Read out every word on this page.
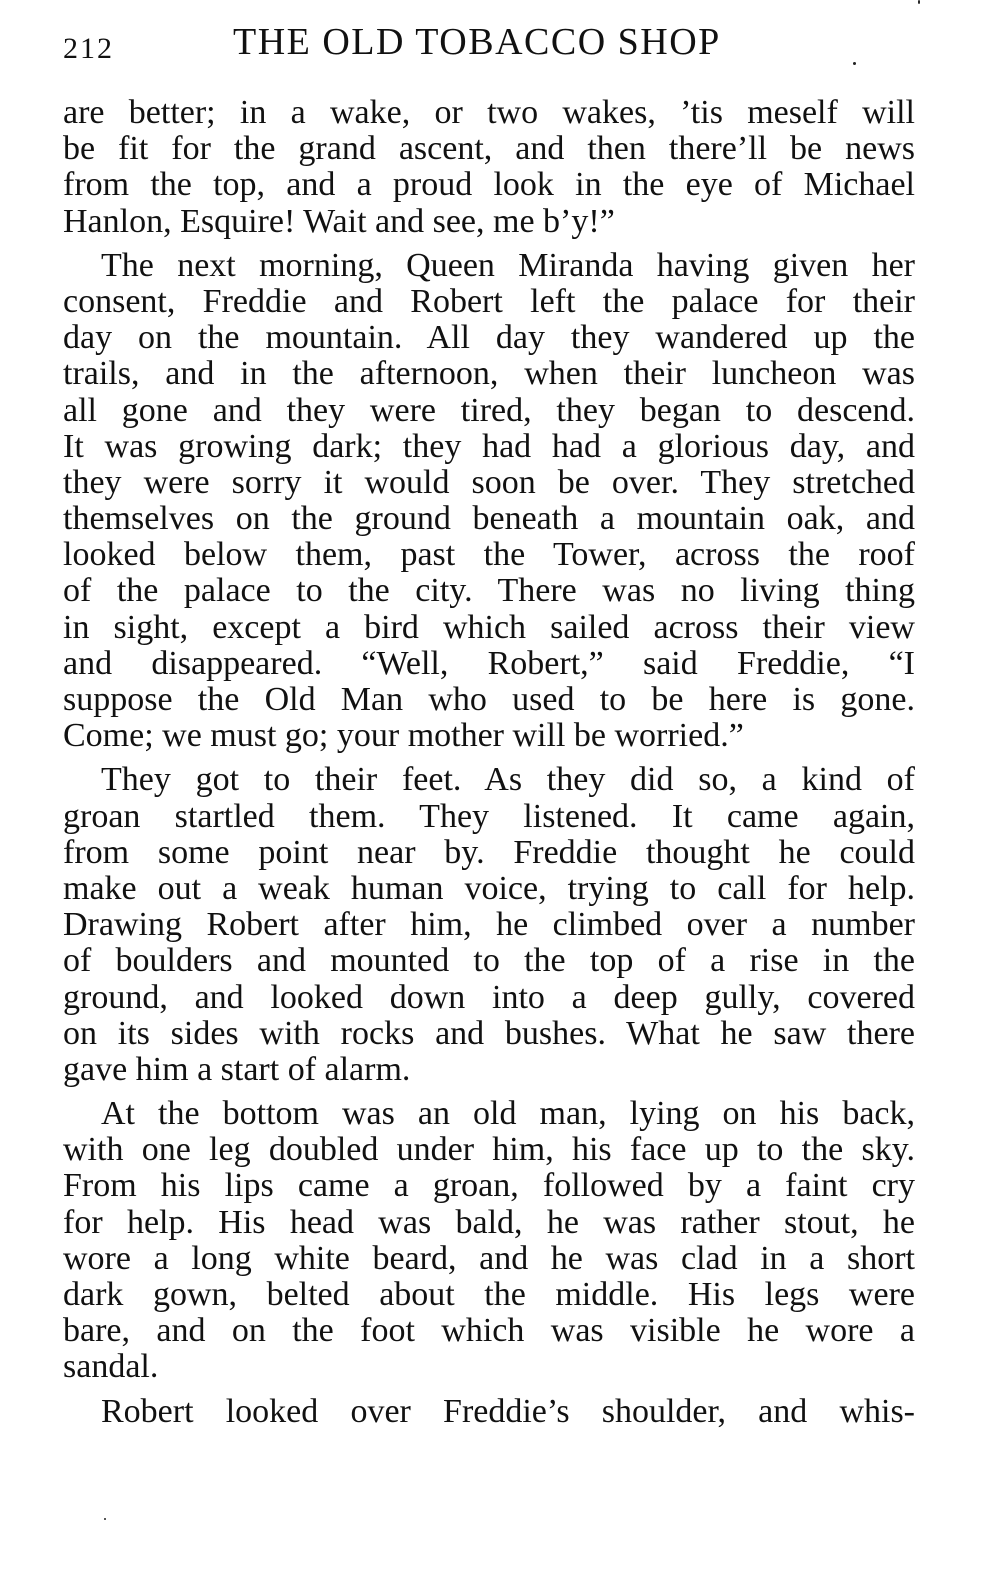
212	THE OLD TOBACCO SHOP
are better; in a wake, or two wakes, ’tis meself will
be fit for the grand ascent, and then there’ll be news
from the top, and a proud look in the eye of Michael
Hanlon, Esquire! Wait and see, me b’y!”
The next morning, Queen Miranda having given her
consent, Freddie and Robert left the palace for their
day on the mountain. All day they wandered up the
trails, and in the afternoon, when their luncheon was
all gone and they were tired, they began to descend.
It was growing dark; they had had a glorious day, and
they were sorry it would soon be over. They stretched
themselves on the ground beneath a mountain oak, and
looked below them, past the Tower, across the roof
of the palace to the city. There was no living thing
in sight, except a bird which sailed across their view
and disappeared. “Well, Robert,” said Freddie, “I
suppose the Old Man who used to be here is gone.
Come; we must go; your mother will be worried.”
They got to their feet. As they did so, a kind of
groan startled them. They listened. It came again,
from some point near by. Freddie thought he could
make out a weak human voice, trying to call for help.
Drawing Robert after him, he climbed over a number
of boulders and mounted to the top of a rise in the
ground, and looked down into a deep gully, covered
on its sides with rocks and bushes. What he saw there
gave him a start of alarm.
At the bottom was an old man, lying on his back,
with one leg doubled under him, his face up to the sky.
From his lips came a groan, followed by a faint cry
for help. His head was bald, he was rather stout, he
wore a long white beard, and he was clad in a short
dark gown, belted about the middle. His legs were
bare, and on the foot which was visible he wore a
sandal.
Robert looked over Freddie’s shoulder, and whis-
